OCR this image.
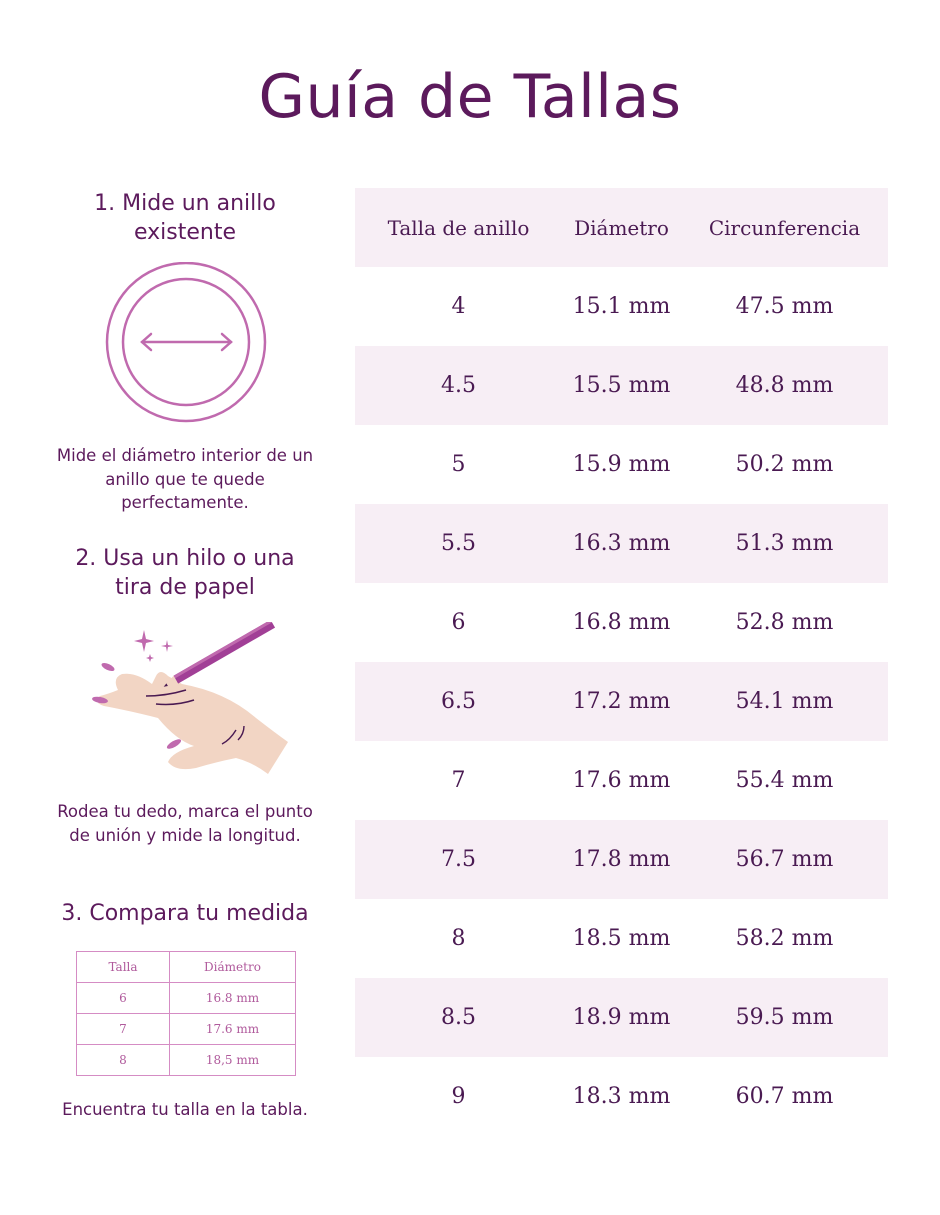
Guía de Tallas
1. Mide un anillo
existente
Mide el diámetro interior de un anillo que te quede perfectamente.
2. Usa un hilo o una
tira de papel
Rodea tu dedo, marca el punto de unión y mide la longitud.
3. Compara tu medida
Talla	Diámetro
6	16.8 mm
7	17.6 mm
8	18,5 mm
Encuentra tu talla en la tabla.
Talla de anillo	Diámetro	Circunferencia
4	15.1 mm	47.5 mm
4.5	15.5 mm	48.8 mm
5	15.9 mm	50.2 mm
5.5	16.3 mm	51.3 mm
6	16.8 mm	52.8 mm
6.5	17.2 mm	54.1 mm
7	17.6 mm	55.4 mm
7.5	17.8 mm	56.7 mm
8	18.5 mm	58.2 mm
8.5	18.9 mm	59.5 mm
9	18.3 mm	60.7 mm
